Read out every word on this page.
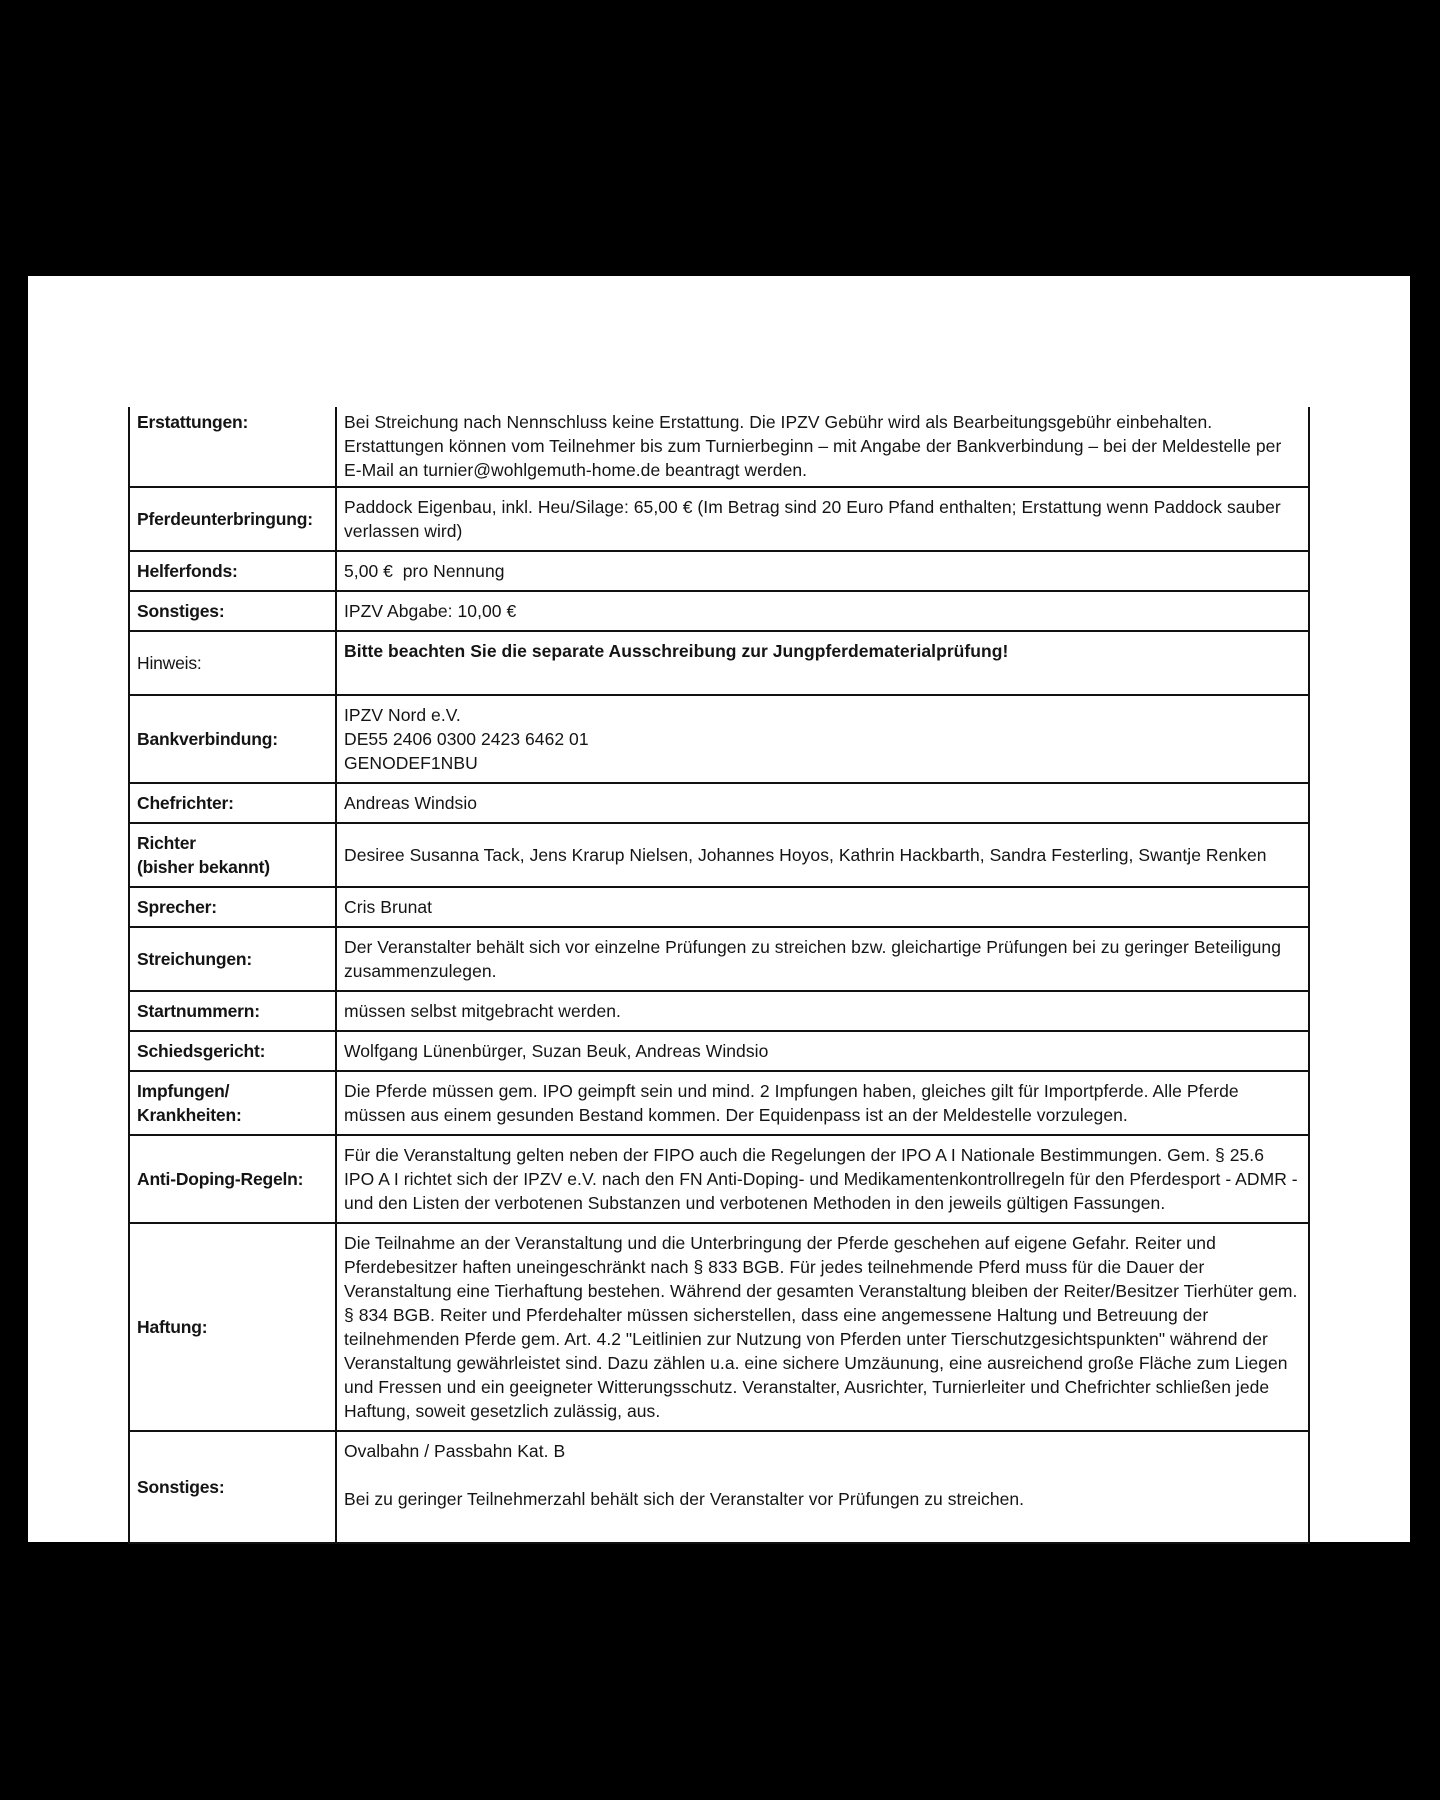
Erstattungen:	Bei Streichung nach Nennschluss keine Erstattung. Die IPZV Gebühr wird als Bearbeitungsgebühr einbehalten.
Erstattungen können vom Teilnehmer bis zum Turnierbeginn – mit Angabe der Bankverbindung – bei der Meldestelle per E-Mail an turnier@wohlgemuth-home.de beantragt werden.

Pferdeunterbringung:	Paddock Eigenbau, inkl. Heu/Silage: 65,00 € (Im Betrag sind 20 Euro Pfand enthalten; Erstattung wenn Paddock sauber verlassen wird)
Helferfonds:	5,00 €  pro Nennung
Sonstiges:	IPZV Abgabe: 10,00 €
Hinweis:	Bitte beachten Sie die separate Ausschreibung zur Jungpferdematerialprüfung!
Bankverbindung:	IPZV Nord e.V.
DE55 2406 0300 2423 6462 01
GENODEF1NBU

Chefrichter:	Andreas Windsio

Richter
(bisher bekannt)	Desiree Susanna Tack, Jens Krarup Nielsen, Johannes Hoyos, Kathrin Hackbarth, Sandra Festerling, Swantje Renken
Sprecher:	Cris Brunat
Streichungen:	Der Veranstalter behält sich vor einzelne Prüfungen zu streichen bzw. gleichartige Prüfungen bei zu geringer Beteiligung zusammenzulegen.
Startnummern:	müssen selbst mitgebracht werden.
Schiedsgericht:	Wolfgang Lünenbürger, Suzan Beuk, Andreas Windsio

Impfungen/
Krankheiten:	Die Pferde müssen gem. IPO geimpft sein und mind. 2 Impfungen haben, gleiches gilt für Importpferde. Alle Pferde müssen aus einem gesunden Bestand kommen. Der Equidenpass ist an der Meldestelle vorzulegen.
Anti-Doping-Regeln:	Für die Veranstaltung gelten neben der FIPO auch die Regelungen der IPO A I Nationale Bestimmungen. Gem. § 25.6 IPO A I richtet sich der IPZV e.V. nach den FN Anti-Doping- und Medikamentenkontrollregeln für den Pferdesport - ADMR - und den Listen der verbotenen Substanzen und verbotenen Methoden in den jeweils gültigen Fassungen.
Haftung:	Die Teilnahme an der Veranstaltung und die Unterbringung der Pferde geschehen auf eigene Gefahr. Reiter und Pferdebesitzer haften uneingeschränkt nach § 833 BGB. Für jedes teilnehmende Pferd muss für die Dauer der Veranstaltung eine Tierhaftung bestehen. Während der gesamten Veranstaltung bleiben der Reiter/Besitzer Tierhüter gem. § 834 BGB. Reiter und Pferdehalter müssen sicherstellen, dass eine angemessene Haltung und Betreuung der teilnehmenden Pferde gem. Art. 4.2 "Leitlinien zur Nutzung von Pferden unter Tierschutzgesichtspunkten" während der Veranstaltung gewährleistet sind. Dazu zählen u.a. eine sichere Umzäunung, eine ausreichend große Fläche zum Liegen und Fressen und ein geeigneter Witterungsschutz. Veranstalter, Ausrichter, Turnierleiter und Chefrichter schließen jede Haftung, soweit gesetzlich zulässig, aus.
Sonstiges:	Ovalbahn / Passbahn Kat. B
Bei zu geringer Teilnehmerzahl behält sich der Veranstalter vor Prüfungen zu streichen.
